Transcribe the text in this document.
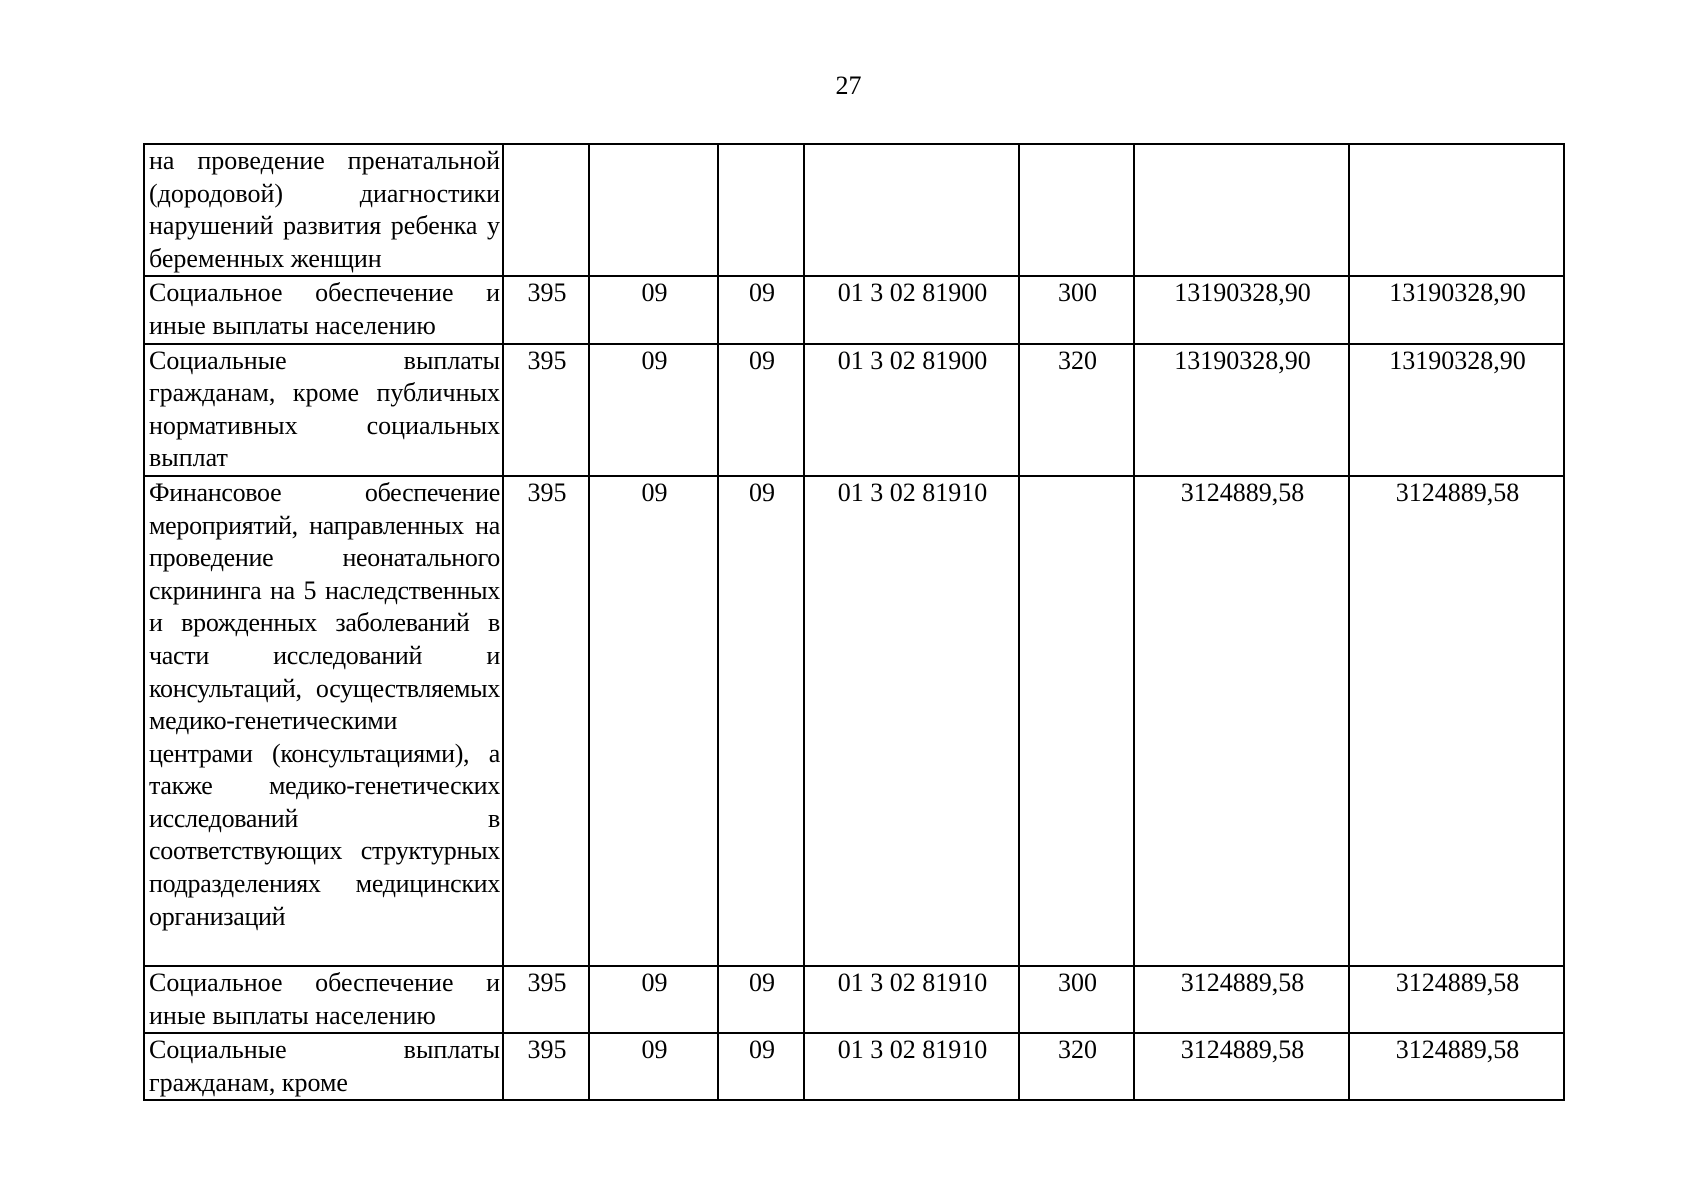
27
на проведение пренатальной (дородовой) диагностики нарушений развития ребенка у беременных женщин							
Социальное обеспечение и иные выплаты населению	395	09	09	01 3 02 81900	300	13190328,90	13190328,90
Социальные выплаты гражданам, кроме публичных нормативных социальных выплат	395	09	09	01 3 02 81900	320	13190328,90	13190328,90
Финансовое обеспечение мероприятий, направленных на проведение неонатального скрининга на 5 наследственных и врожденных заболеваний в части исследований и консультаций, осуществляемых медико-генетическими центрами (консультациями), а также медико-генетических исследований в соответствующих структурных подразделениях медицинских организаций	395	09	09	01 3 02 81910		3124889,58	3124889,58
Социальное обеспечение и иные выплаты населению	395	09	09	01 3 02 81910	300	3124889,58	3124889,58
Социальные выплаты гражданам, кроме	395	09	09	01 3 02 81910	320	3124889,58	3124889,58
